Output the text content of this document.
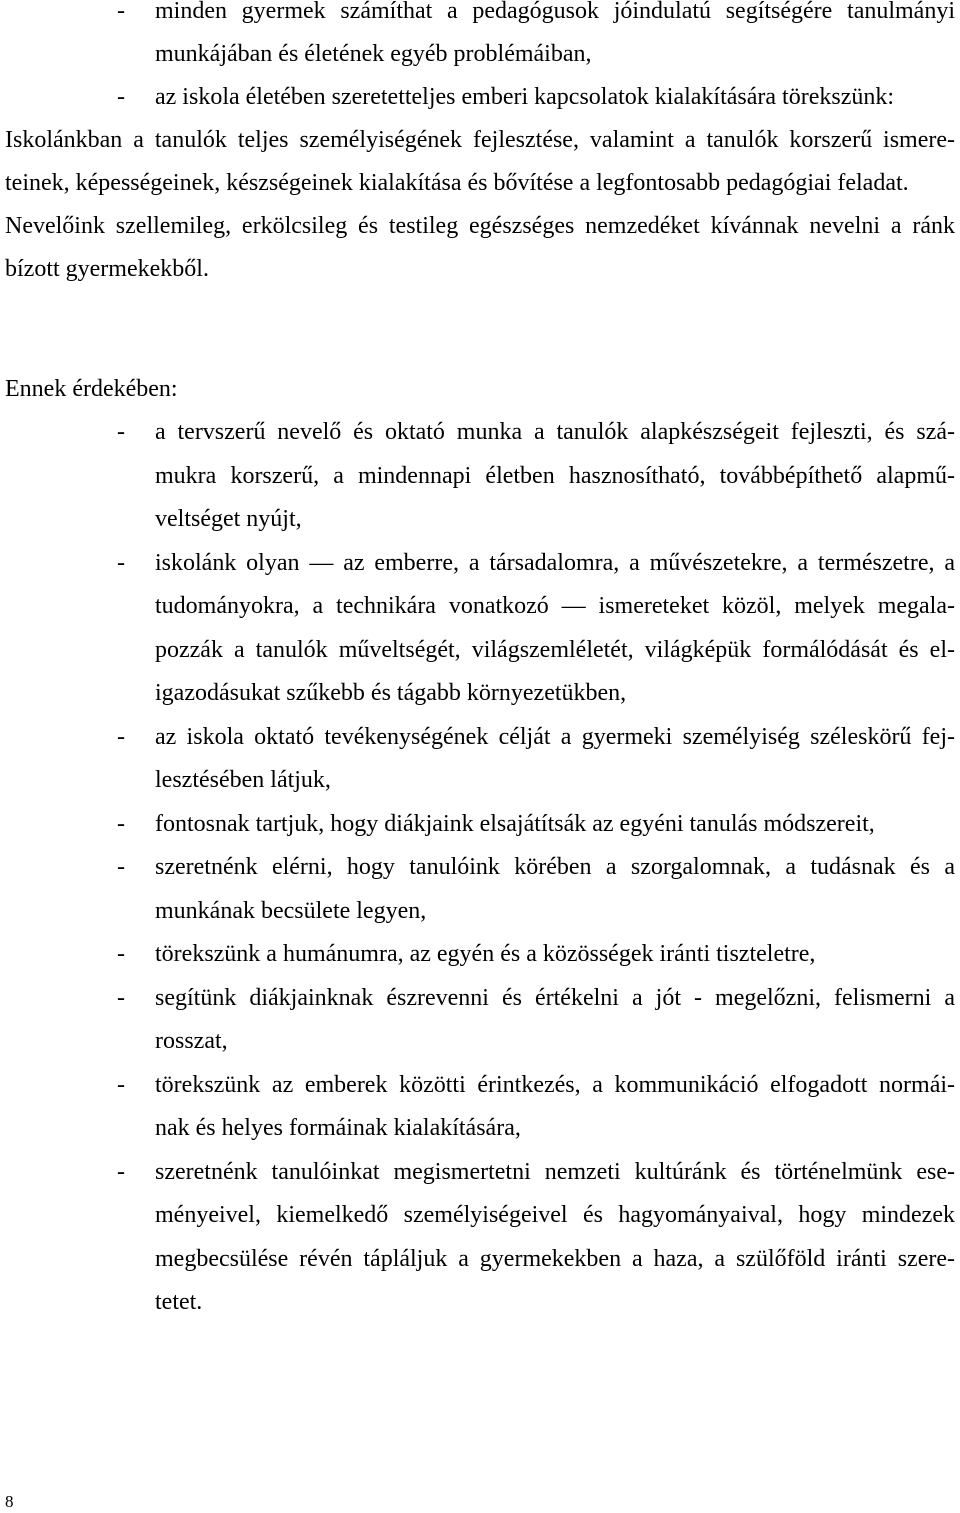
- minden gyermek számíthat a pedagógusok jóindulatú segítségére tanulmányi
munkájában és életének egyéb problémáiban,
- az iskola életében szeretetteljes emberi kapcsolatok kialakítására törekszünk:
Iskolánkban a tanulók teljes személyiségének fejlesztése, valamint a tanulók korszerű ismere-
teinek, képességeinek, készségeinek kialakítása és bővítése a legfontosabb pedagógiai feladat.
Nevelőink szellemileg, erkölcsileg és testileg egészséges nemzedéket kívánnak nevelni a ránk
bízott gyermekekből.
Ennek érdekében:
- a tervszerű nevelő és oktató munka a tanulók alapkészségeit fejleszti, és szá-
mukra korszerű, a mindennapi életben hasznosítható, továbbépíthető alapmű-
veltséget nyújt,
- iskolánk olyan — az emberre, a társadalomra, a művészetekre, a természetre, a
tudományokra, a technikára vonatkozó — ismereteket közöl, melyek megala-
pozzák a tanulók műveltségét, világszemléletét, világképük formálódását és el-
igazodásukat szűkebb és tágabb környezetükben,
- az iskola oktató tevékenységének célját a gyermeki személyiség széleskörű fej-
lesztésében látjuk,
- fontosnak tartjuk, hogy diákjaink elsajátítsák az egyéni tanulás módszereit,
- szeretnénk elérni, hogy tanulóink körében a szorgalomnak, a tudásnak és a
munkának becsülete legyen,
- törekszünk a humánumra, az egyén és a közösségek iránti tiszteletre,
- segítünk diákjainknak észrevenni és értékelni a jót - megelőzni, felismerni a
rosszat,
- törekszünk az emberek közötti érintkezés, a kommunikáció elfogadott normái-
nak és helyes formáinak kialakítására,
- szeretnénk tanulóinkat megismertetni nemzeti kultúránk és történelmünk ese-
ményeivel, kiemelkedő személyiségeivel és hagyományaival, hogy mindezek
megbecsülése révén tápláljuk a gyermekekben a haza, a szülőföld iránti szere-
tetet.
8
